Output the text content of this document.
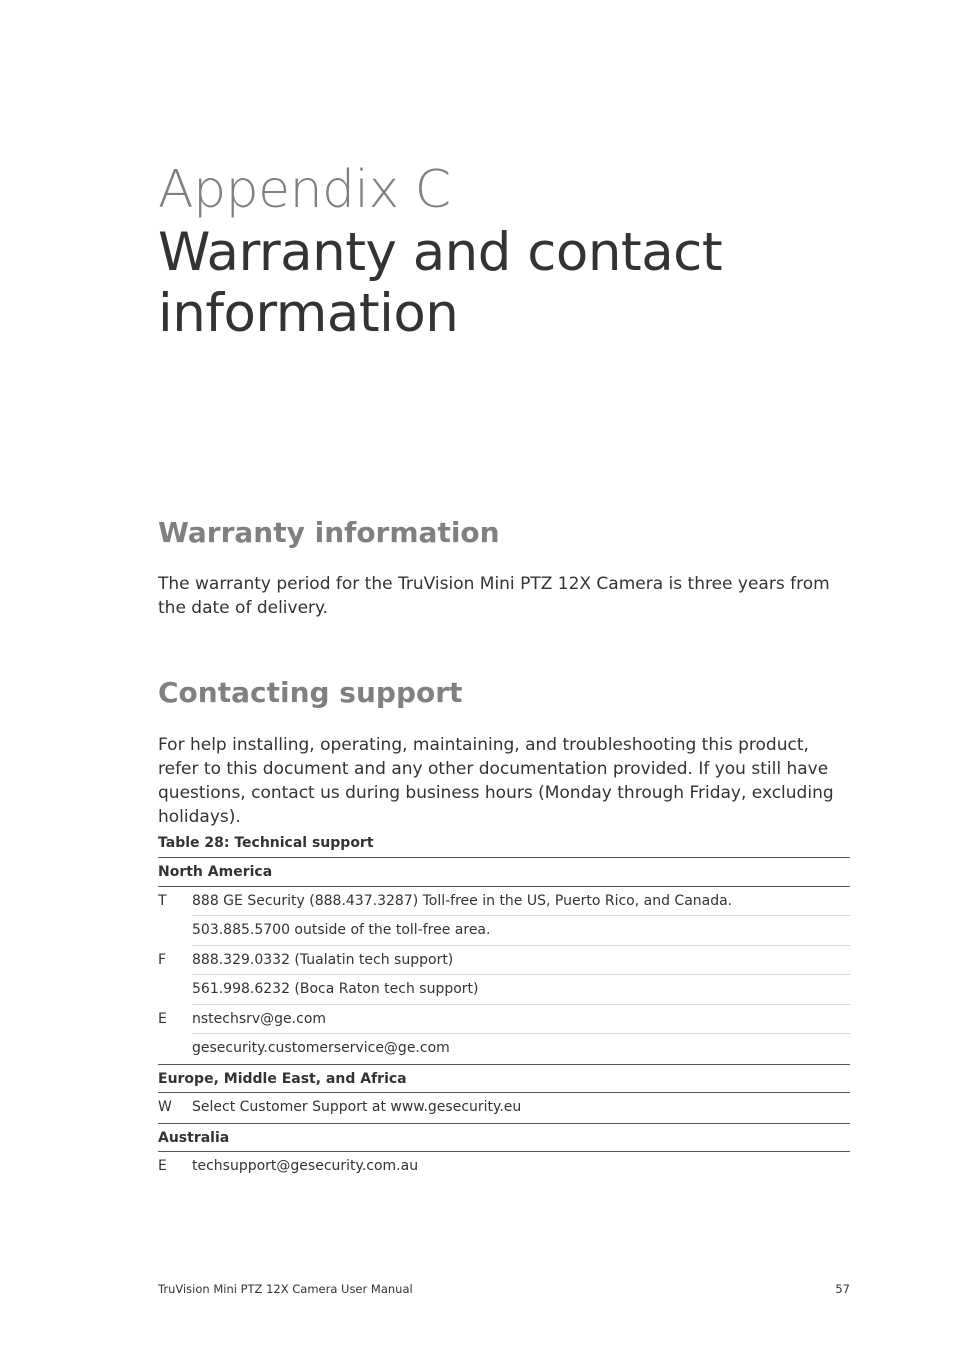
Appendix C
Warranty and contact
information
Warranty information
The warranty period for the TruVision Mini PTZ 12X Camera is three years from the date of delivery.
Contacting support
For help installing, operating, maintaining, and troubleshooting this product, refer to this document and any other documentation provided. If you still have questions, contact us during business hours (Monday through Friday, excluding holidays).
Table 28: Technical support
North America
T	888 GE Security (888.437.3287) Toll-free in the US, Puerto Rico, and Canada.
503.885.5700 outside of the toll-free area.
F	888.329.0332 (Tualatin tech support)
561.998.6232 (Boca Raton tech support)
E	nstechsrv@ge.com
gesecurity.customerservice@ge.com
Europe, Middle East, and Africa
W	Select Customer Support at www.gesecurity.eu
Australia
E	techsupport@gesecurity.com.au
TruVision Mini PTZ 12X Camera User Manual	57
